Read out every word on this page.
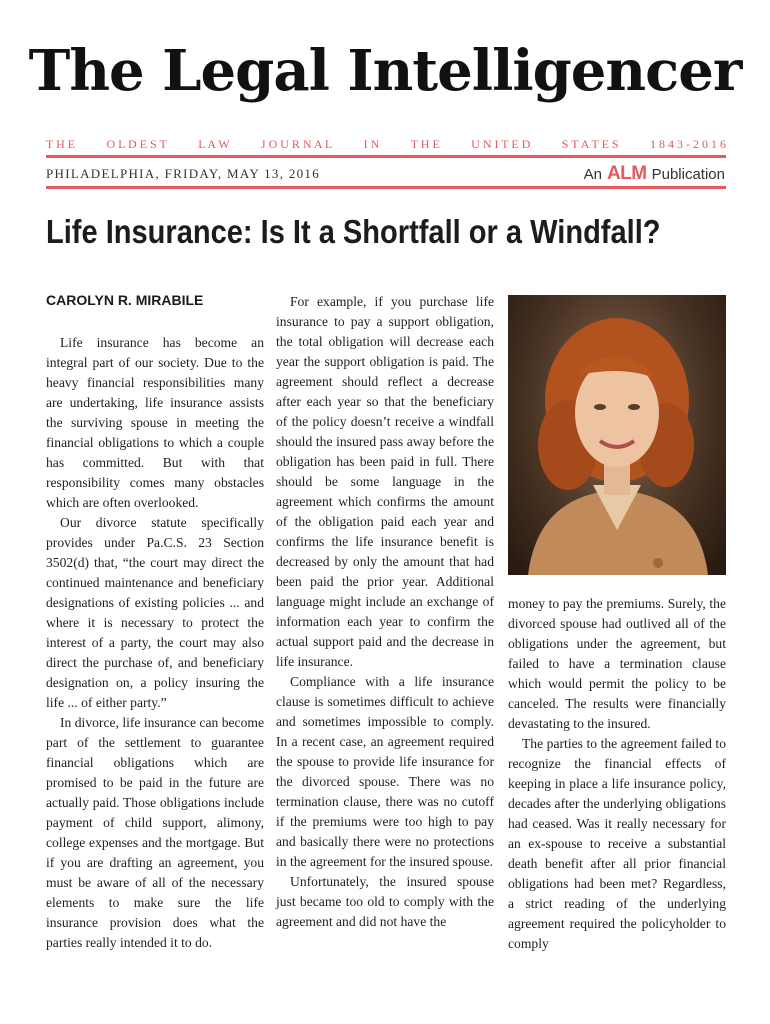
The Legal Intelligencer
T H E	O L D E S T	L A W	J O U R N A L	I N	T H E	U N I T E D	S T A T E S	1 8 4 3 - 2 0 1 6
PHILADELPHIA, FRIDAY, MAY 13, 2016	An ALM Publication
Life Insurance: Is It a Shortfall or a Windfall?
CAROLYN R. MIRABILE

Life insurance has become an integral part of our society. Due to the heavy financial responsibilities many are undertaking, life insurance assists the surviving spouse in meeting the financial obligations to which a couple has committed. But with that responsibility comes many obstacles which are often overlooked.

Our divorce statute specifically provides under Pa.C.S. 23 Section 3502(d) that, “the court may direct the continued maintenance and beneficiary designations of existing policies ... and where it is necessary to protect the interest of a party, the court may also direct the purchase of, and beneficiary designation on, a policy insuring the life ... of either party.”

In divorce, life insurance can become part of the settlement to guarantee financial obligations which are promised to be paid in the future are actually paid. Those obligations include payment of child support, alimony, college expenses and the mortgage. But if you are drafting an agreement, you must be aware of all of the necessary elements to make sure the life insurance provision does what the parties really intended it to do.

For example, if you purchase life insurance to pay a support obligation, the total obligation will decrease each year the support obligation is paid. The agreement should reflect a decrease after each year so that the beneficiary of the policy doesn’t receive a windfall should the insured pass away before the obligation has been paid in full. There should be some language in the agreement which confirms the amount of the obligation paid each year and confirms the life insurance benefit is decreased by only the amount that had been paid the prior year. Additional language might include an exchange of information each year to confirm the actual support paid and the decrease in life insurance.

Compliance with a life insurance clause is sometimes difficult to achieve and sometimes impossible to comply. In a recent case, an agreement required the spouse to provide life insurance for the divorced spouse. There was no termination clause, there was no cutoff if the premiums were too high to pay and basically there were no protections in the agreement for the insured spouse.

Unfortunately, the insured spouse just became too old to comply with the agreement and did not have the

money to pay the premiums. Surely, the divorced spouse had outlived all of the obligations under the agreement, but failed to have a termination clause which would permit the policy to be canceled. The results were financially devastating to the insured.

The parties to the agreement failed to recognize the financial effects of keeping in place a life insurance policy, decades after the underlying obligations had ceased. Was it really necessary for an ex-spouse to receive a substantial death benefit after all prior financial obligations had been met? Regardless, a strict reading of the underlying agreement required the policyholder to comply
